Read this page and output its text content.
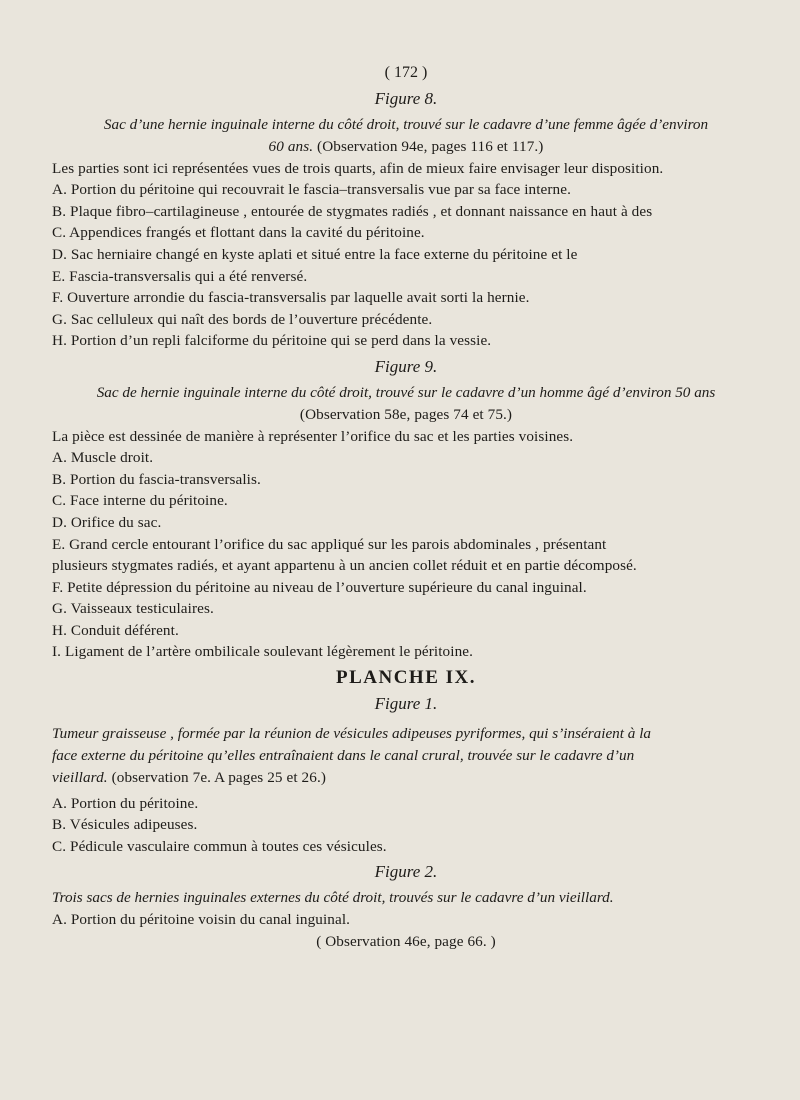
( 172 )

Figure 8.

Sac d’une hernie inguinale interne du côté droit, trouvé sur le cadavre d’une femme âgée d’environ

60 ans. (Observation 94e, pages 116 et 117.)

Les parties sont ici représentées vues de trois quarts, afin de mieux faire envisager leur disposition.

A. Portion du péritoine qui recouvrait le fascia–transversalis vue par sa face interne.

B. Plaque fibro–cartilagineuse , entourée de stygmates radiés , et donnant naissance en haut à des

C. Appendices frangés et flottant dans la cavité du péritoine.

D. Sac herniaire changé en kyste aplati et situé entre la face externe du péritoine et le

E. Fascia-transversalis qui a été renversé.

F. Ouverture arrondie du fascia-transversalis par laquelle avait sorti la hernie.

G. Sac celluleux qui naît des bords de l’ouverture précédente.

H. Portion d’un repli falciforme du péritoine qui se perd dans la vessie.

Figure 9.

Sac de hernie inguinale interne du côté droit, trouvé sur le cadavre d’un homme âgé d’environ 50 ans

(Observation 58e, pages 74 et 75.)

La pièce est dessinée de manière à représenter l’orifice du sac et les parties voisines.

A. Muscle droit.

B. Portion du fascia-transversalis.

C. Face interne du péritoine.

D. Orifice du sac.

E. Grand cercle entourant l’orifice du sac appliqué sur les parois abdominales , présentant

plusieurs stygmates radiés, et ayant appartenu à un ancien collet réduit et en partie décomposé.

F. Petite dépression du péritoine au niveau de l’ouverture supérieure du canal inguinal.

G. Vaisseaux testiculaires.

H. Conduit déférent.

I. Ligament de l’artère ombilicale soulevant légèrement le péritoine.

PLANCHE IX.

Figure 1.

Tumeur graisseuse , formée par la réunion de vésicules adipeuses pyriformes, qui s’inséraient à la

face externe du péritoine qu’elles entraînaient dans le canal crural, trouvée sur le cadavre d’un

vieillard. (observation 7e. A pages 25 et 26.)

A. Portion du péritoine.

B. Vésicules adipeuses.

C. Pédicule vasculaire commun à toutes ces vésicules.

Figure 2.

Trois sacs de hernies inguinales externes du côté droit, trouvés sur le cadavre d’un vieillard.

A. Portion du péritoine voisin du canal inguinal.

( Observation 46e, page 66. )
